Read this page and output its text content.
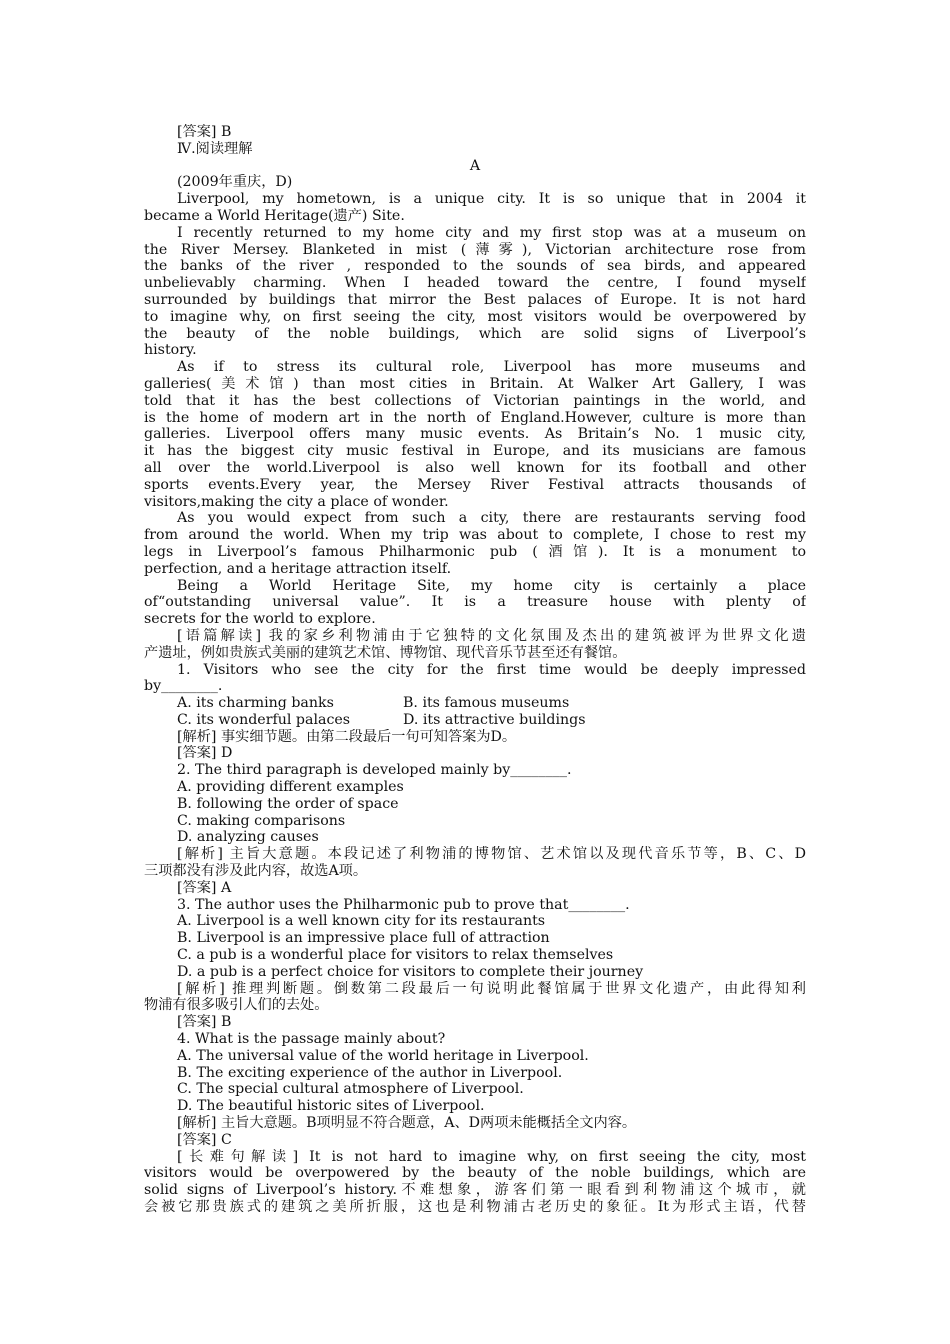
[答案] B
Ⅳ.阅读理解
A
(2009年重庆，D)
Liverpool, my hometown, is a unique city. It is so unique that in 2004 it
became a World Heritage(遗产) Site.
I recently returned to my home city and my first stop was at a museum on
the River Mersey. Blanketed in mist (薄雾), Victorian architecture rose from
the banks of the river , responded to the sounds of sea birds, and appeared
unbelievably charming. When I headed toward the centre, I found myself
surrounded by buildings that mirror the Best palaces of Europe. It is not hard
to imagine why, on first seeing the city, most visitors would be overpowered by
the beauty of the noble buildings, which are solid signs of Liverpool’s
history.
As if to stress its cultural role, Liverpool has more museums and
galleries(美术馆) than most cities in Britain. At Walker Art Gallery, I was
told that it has the best collections of Victorian paintings in the world, and
is the home of modern art in the north of England.However, culture is more than
galleries. Liverpool offers many music events. As Britain’s No. 1 music city,
it has the biggest city music festival in Europe, and its musicians are famous
all over the world.Liverpool is also well known for its football and other
sports events.Every year, the Mersey River Festival attracts thousands of
visitors,making the city a place of wonder.
As you would expect from such a city, there are restaurants serving food
from around the world. When my trip was about to complete, I chose to rest my
legs in Liverpool’s famous Philharmonic pub (酒馆). It is a monument to
perfection, and a heritage attraction itself.
Being a World Heritage Site, my home city is certainly a place
of“outstanding universal value”. It is a treasure house with plenty of
secrets for the world to explore.
[语篇解读] 我的家乡利物浦由于它独特的文化氛围及杰出的建筑被评为世界文化遗
产遗址，例如贵族式美丽的建筑艺术馆、博物馆、现代音乐节甚至还有餐馆。
1. Visitors who see the city for the first time would be deeply impressed
by________.
A. its charming banks	B. its famous museums
C. its wonderful palaces	D. its attractive buildings
[解析] 事实细节题。由第二段最后一句可知答案为D。
[答案] D
2. The third paragraph is developed mainly by________.
A. providing different examples
B. following the order of space
C. making comparisons
D. analyzing causes
[解析] 主旨大意题。本段记述了利物浦的博物馆、艺术馆以及现代音乐节等，B、C、D
三项都没有涉及此内容，故选A项。
[答案] A
3. The author uses the Philharmonic pub to prove that________.
A. Liverpool is a well known city for its restaurants
B. Liverpool is an impressive place full of attraction
C. a pub is a wonderful place for visitors to relax themselves
D. a pub is a perfect choice for visitors to complete their journey
[解析] 推理判断题。倒数第二段最后一句说明此餐馆属于世界文化遗产，由此得知利
物浦有很多吸引人们的去处。
[答案] B
4. What is the passage mainly about?
A. The universal value of the world heritage in Liverpool.
B. The exciting experience of the author in Liverpool.
C. The special cultural atmosphere of Liverpool.
D. The beautiful historic sites of Liverpool.
[解析] 主旨大意题。B项明显不符合题意，A、D两项未能概括全文内容。
[答案] C
[长难句解读] It is not hard to imagine why, on first seeing the city, most
visitors would be overpowered by the beauty of the noble buildings, which are
solid signs of Liverpool’s history.不难想象，游客们第一眼看到利物浦这个城市，就
会被它那贵族式的建筑之美所折服，这也是利物浦古老历史的象征。It为形式主语，代替
